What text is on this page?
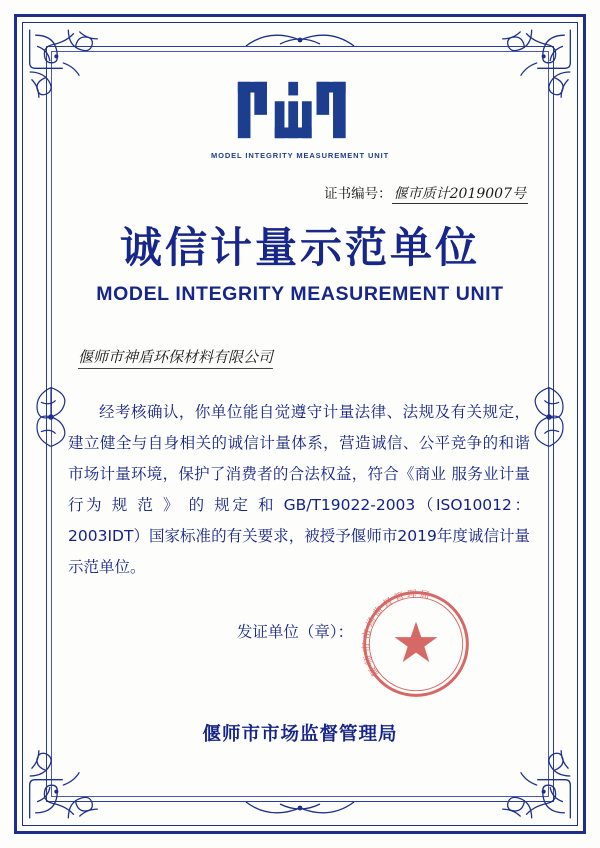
MODEL INTEGRITY MEASUREMENT UNIT
证书编号： 偃市质计2019007号
诚信计量示范单位
MODEL INTEGRITY MEASUREMENT UNIT
偃师市神盾环保材料有限公司

经考核确认，你单位能自觉遵守计量法律、法规及有关规定，建立健全与自身相关的诚信计量体系，营造诚信、公平竞争的和谐市场计量环境，保护了消费者的合法权益，符合《商业 服务业计量行为 规 范 》 的 规定 和 GB/T19022-2003（ISO10012：2003IDT）国家标准的有关要求，被授予偃师市2019年度诚信计量示范单位。

发证单位（章）：
偃师市市场监督管理局
偃师市市场监督管理局
